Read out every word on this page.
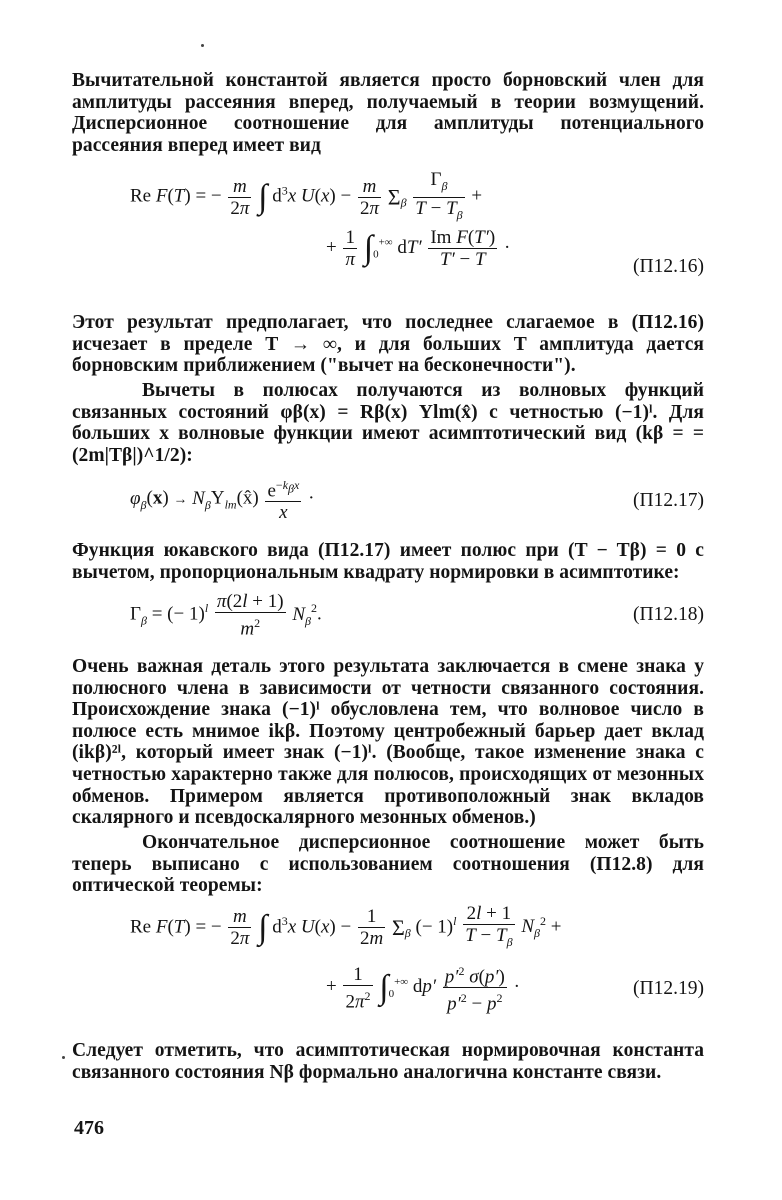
Вычитательной константой является просто борновский член для амплитуды рассеяния вперед, получаемый в теории возмущений. Дисперсионное соотношение для амплитуды потенциального рассеяния вперед имеет вид
Re F(T) = − $\frac{m}{2\pi}$ ∫ $d^3x$ $U(x) - \frac{m}{2\pi} \Sigma_\beta \frac{\Gamma_\beta}{T - T_\beta}$ +
+ $\frac{1}{\pi} \int_0^{+\infty}$ $dT' \frac{\text{Im F(T′)}}{T' - T}$ ·
(П12.16)
Этот результат предполагает, что последнее слагаемое в (П12.16) исчезает в пределе T → ∞, и для больших T амплитуда дается борновским приближением ("вычет на бесконечности").
Вычеты в полюсах получаются из волновых функций связанных состояний φβ(x) = Rβ(x) Ylm(x̂) с четностью (−1)ˡ. Для больших x волновые функции имеют асимптотический вид (kβ = = (2m|Tβ|)^1/2):
$\varphi_\beta(x)$ → $N_\beta Y_{lm}(x̂) \frac{e^{-k_\beta x}}{x}$ ·	(П12.17)
Функция юкавского вида (П12.17) имеет полюс при (T − Tβ) = 0 с вычетом, пропорциональным квадрату нормировки в асимптотике:
$\Gamma_\beta$ = (− $1)^l \frac{\pi(2l + 1)}{m^2} N_\beta^2$.	(П12.18)
Очень важная деталь этого результата заключается в смене знака у полюсного члена в зависимости от четности связанного состояния. Происхождение знака (−1)ˡ обусловлена тем, что волновое число в полюсе есть мнимое ikβ. Поэтому центробежный барьер дает вклад (ikβ)²ˡ, который имеет знак (−1)ˡ. (Вообще, такое изменение знака с четностью характерно также для полюсов, происходящих от мезонных обменов. Примером является противоположный знак вкладов скалярного и псевдоскалярного мезонных обменов.)
Окончательное дисперсионное соотношение может быть теперь выписано с использованием соотношения (П12.8) для оптической теоремы:
Re F(T) = − $\frac{m}{2\pi}$ ∫ $d^3x$ $U(x) - \frac{1}{2m} \Sigma_\beta$ (− $1)^l \frac{2l + 1}{T - T_\beta} N_\beta^2$ +
+ $\frac{1}{2\pi^2} \int_0^{+\infty}$ $dp' \frac{p'^2 \sigma(p')}{p'^2 - p^2}$ ·	(П12.19)
Следует отметить, что асимптотическая нормировочная константа связанного состояния Nβ формально аналогична константе связи.
476
